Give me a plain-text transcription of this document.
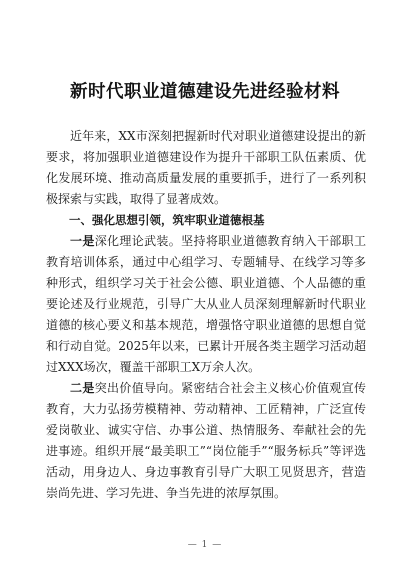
新时代职业道德建设先进经验材料

近年来，XX市深刻把握新时代对职业道德建设提出的新要求，将加强职业道德建设作为提升干部职工队伍素质、优化发展环境、推动高质量发展的重要抓手，进行了一系列积极探索与实践，取得了显著成效。

一、强化思想引领，筑牢职业道德根基

一是深化理论武装。坚持将职业道德教育纳入干部职工教育培训体系，通过中心组学习、专题辅导、在线学习等多种形式，组织学习关于社会公德、职业道德、个人品德的重要论述及行业规范，引导广大从业人员深刻理解新时代职业道德的核心要义和基本规范，增强恪守职业道德的思想自觉和行动自觉。2025年以来，已累计开展各类主题学习活动超过XXX场次，覆盖干部职工X万余人次。

二是突出价值导向。紧密结合社会主义核心价值观宣传教育，大力弘扬劳模精神、劳动精神、工匠精神，广泛宣传爱岗敬业、诚实守信、办事公道、热情服务、奉献社会的先进事迹。组织开展“最美职工”“岗位能手”“服务标兵”等评选活动，用身边人、身边事教育引导广大职工见贤思齐，营造崇尚先进、学习先进、争当先进的浓厚氛围。

— 1 —
